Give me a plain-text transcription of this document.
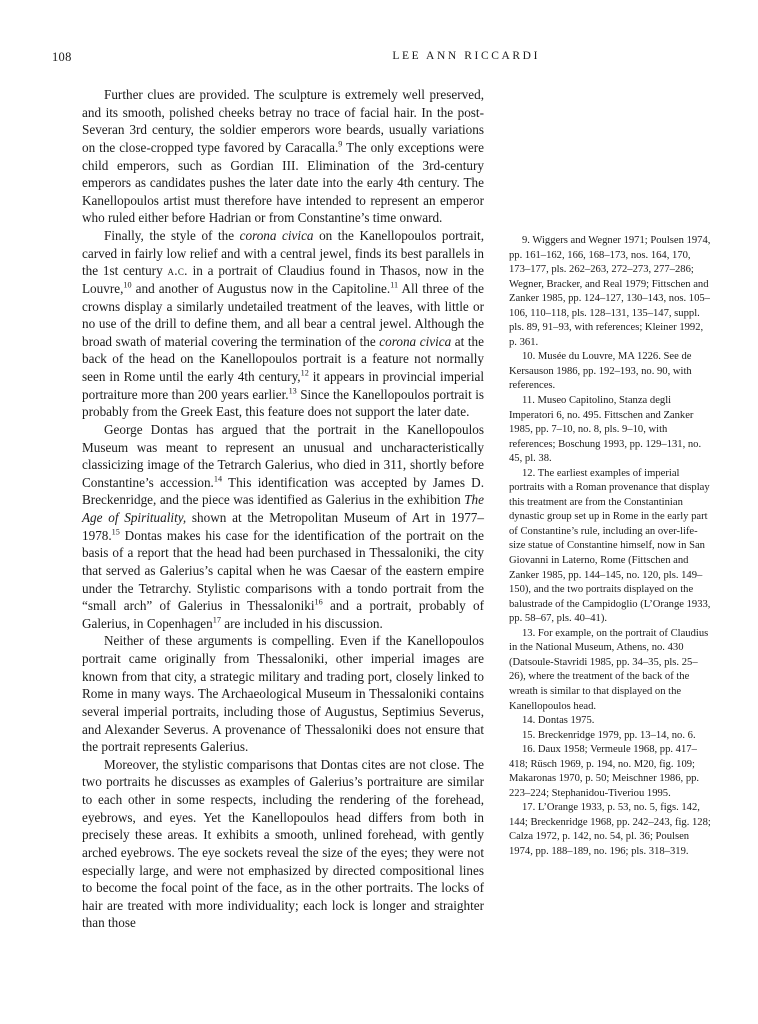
108	LEE ANN RICCARDI

Further clues are provided. The sculpture is extremely well preserved, and its smooth, polished cheeks betray no trace of facial hair. In the post-Severan 3rd century, the soldier emperors wore beards, usually variations on the close-cropped type favored by Caracalla.$^9$ The only exceptions were child emperors, such as Gordian III. Elimination of the 3rd-century emperors as candidates pushes the later date into the early 4th century. The Kanellopoulos artist must therefore have intended to represent an emperor who ruled either before Hadrian or from Constantine’s time onward.

Finally, the style of the corona civica on the Kanellopoulos portrait, carved in fairly low relief and with a central jewel, finds its best parallels in the 1st century a.c. in a portrait of Claudius found in Thasos, now in the Louvre,$^{10}$ and another of Augustus now in the Capitoline.$^{11}$ All three of the crowns display a similarly undetailed treatment of the leaves, with little or no use of the drill to define them, and all bear a central jewel. Although the broad swath of material covering the termination of the corona civica at the back of the head on the Kanellopoulos portrait is a feature not normally seen in Rome until the early 4th century,$^{12}$ it appears in provincial imperial portraiture more than 200 years earlier.$^{13}$ Since the Kanellopoulos portrait is probably from the Greek East, this feature does not support the later date.

George Dontas has argued that the portrait in the Kanellopoulos Museum was meant to represent an unusual and uncharacteristically classicizing image of the Tetrarch Galerius, who died in 311, shortly before Constantine’s accession.$^{14}$ This identification was accepted by James D. Breckenridge, and the piece was identified as Galerius in the exhibition The Age of Spirituality, shown at the Metropolitan Museum of Art in 1977–1978.15 Dontas makes his case for the identification of the portrait on the basis of a report that the head had been purchased in Thessaloniki, the city that served as Galerius’s capital when he was Caesar of the eastern empire under the Tetrarchy. Stylistic comparisons with a tondo portrait from the “small arch” of Galerius in Thessaloniki$^{16}$ and a portrait, probably of Galerius, in Copenhagen$^{17}$ are included in his discussion.

Neither of these arguments is compelling. Even if the Kanellopoulos portrait came originally from Thessaloniki, other imperial images are known from that city, a strategic military and trading port, closely linked to Rome in many ways. The Archaeological Museum in Thessaloniki contains several imperial portraits, including those of Augustus, Septimius Severus, and Alexander Severus. A provenance of Thessaloniki does not ensure that the portrait represents Galerius.

Moreover, the stylistic comparisons that Dontas cites are not close. The two portraits he discusses as examples of Galerius’s portraiture are similar to each other in some respects, including the rendering of the forehead, eyebrows, and eyes. Yet the Kanellopoulos head differs from both in precisely these areas. It exhibits a smooth, unlined forehead, with gently arched eyebrows. The eye sockets reveal the size of the eyes; they were not especially large, and were not emphasized by directed compositional lines to become the focal point of the face, as in the other portraits. The locks of hair are treated with more individuality; each lock is longer and straighter than those

9. Wiggers and Wegner 1971; Poulsen 1974, pp. 161–162, 166, 168–173, nos. 164, 170, 173–177, pls. 262–263, 272–273, 277–286; Wegner, Bracker, and Real 1979; Fittschen and Zanker 1985, pp. 124–127, 130–143, nos. 105–106, 110–118, pls. 128–131, 135–147, suppl. pls. 89, 91–93, with references; Kleiner 1992, p. 361.

10. Musée du Louvre, MA 1226. See de Kersauson 1986, pp. 192–193, no. 90, with references.

11. Museo Capitolino, Stanza degli Imperatori 6, no. 495. Fittschen and Zanker 1985, pp. 7–10, no. 8, pls. 9–10, with references; Boschung 1993, pp. 129–131, no. 45, pl. 38.

12. The earliest examples of imperial portraits with a Roman provenance that display this treatment are from the Constantinian dynastic group set up in Rome in the early part of Constantine’s rule, including an over-life-size statue of Constantine himself, now in San Giovanni in Laterno, Rome (Fittschen and Zanker 1985, pp. 144–145, no. 120, pls. 149–150), and the two portraits displayed on the balustrade of the Campidoglio (L’Orange 1933, pp. 58–67, pls. 40–41).

13. For example, on the portrait of Claudius in the National Museum, Athens, no. 430 (Datsoule-Stavridi 1985, pp. 34–35, pls. 25–26), where the treatment of the back of the wreath is similar to that displayed on the Kanellopoulos head.

14. Dontas 1975.

15. Breckenridge 1979, pp. 13–14, no. 6.

16. Daux 1958; Vermeule 1968, pp. 417–418; Rüsch 1969, p. 194, no. M20, fig. 109; Makaronas 1970, p. 50; Meischner 1986, pp. 223–224; Stephanidou-Tiveriou 1995.

17. L’Orange 1933, p. 53, no. 5, figs. 142, 144; Breckenridge 1968, pp. 242–243, fig. 128; Calza 1972, p. 142, no. 54, pl. 36; Poulsen 1974, pp. 188–189, no. 196; pls. 318–319.
